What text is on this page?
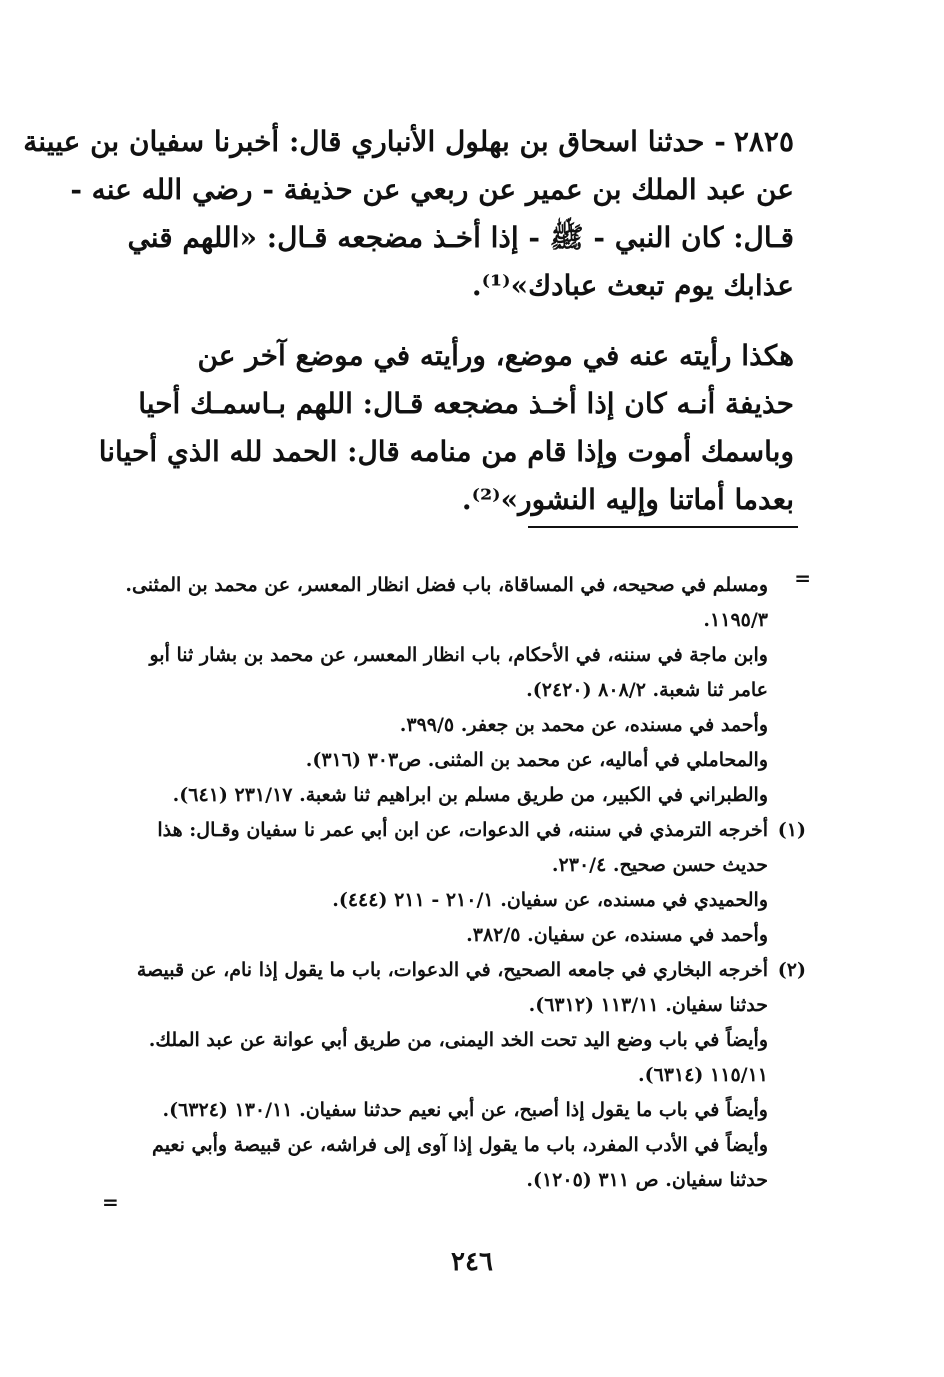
٢٨٢٥- حدثنا اسحاق بن بهلول الأنباري قال: أخبرنا سفيان بن عيينة
عن عبد الملك بن عمير عن ربعي عن حذيفة - رضي الله عنه -
قـال: كان النبي - ﷺ - إذا أخـذ مضجعه قـال: «اللهم قني
عذابك يوم تبعث عبادك»⁽¹⁾.
هكذا رأيته عنه في موضع، ورأيته في موضع آخر عن
حذيفة أنـه كان إذا أخـذ مضجعه قـال: اللهم بـاسمـك أحيا
وباسمك أموت وإذا قام من منامه قال: الحمد لله الذي أحيانا
بعدما أماتنا وإليه النشور»⁽²⁾.
=
ومسلم في صحيحه، في المساقاة، باب فضل انظار المعسر، عن محمد بن المثنى.
١١٩٥/٣.
وابن ماجة في سننه، في الأحكام، باب انظار المعسر، عن محمد بن بشار ثنا أبو
عامر ثنا شعبة. ٨٠٨/٢ (٢٤٢٠).
وأحمد في مسنده، عن محمد بن جعفر. ٣٩٩/٥.
والمحاملي في أماليه، عن محمد بن المثنى. ص٣٠٣ (٣١٦).
والطبراني في الكبير، من طريق مسلم بن ابراهيم ثنا شعبة. ٢٣١/١٧ (٦٤١).
(١)أخرجه الترمذي في سننه، في الدعوات، عن ابن أبي عمر نا سفيان وقـال: هذا
حديث حسن صحيح. ٢٣٠/٤.
والحميدي في مسنده، عن سفيان. ٢١٠/١ - ٢١١ (٤٤٤).
وأحمد في مسنده، عن سفيان. ٣٨٢/٥.
(٢)أخرجه البخاري في جامعه الصحيح، في الدعوات، باب ما يقول إذا نام، عن قبيصة
حدثنا سفيان. ١١٣/١١ (٦٣١٢).
وأيضاً في باب وضع اليد تحت الخد اليمنى، من طريق أبي عوانة عن عبد الملك.
١١٥/١١ (٦٣١٤).
وأيضاً في باب ما يقول إذا أصبح، عن أبي نعيم حدثنا سفيان. ١٣٠/١١ (٦٣٢٤).
وأيضاً في الأدب المفرد، باب ما يقول إذا آوى إلى فراشه، عن قبيصة وأبي نعيم
حدثنا سفيان. ص ٣١١ (١٢٠٥).
=
٢٤٦
